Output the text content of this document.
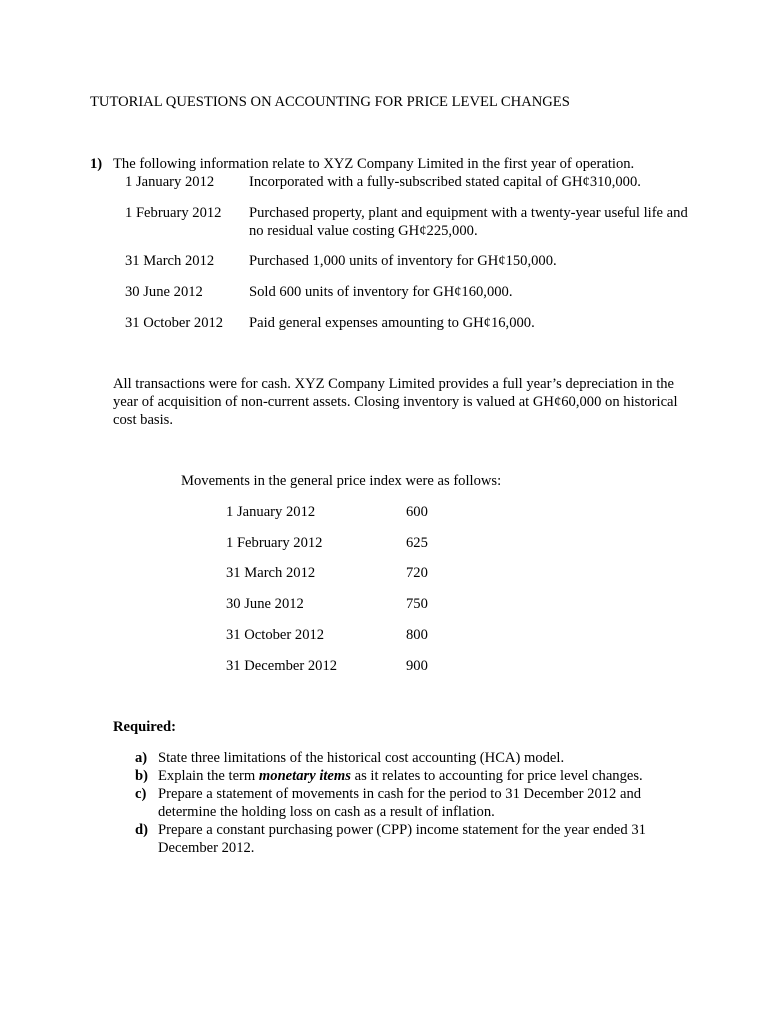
TUTORIAL QUESTIONS ON ACCOUNTING FOR PRICE LEVEL CHANGES
1) The following information relate to XYZ Company Limited in the first year of operation.
1 January 2012 Incorporated with a fully-subscribed stated capital of GH¢310,000.
1 February 2012 Purchased property, plant and equipment with a twenty-year useful life and no residual value costing GH¢225,000.
31 March 2012 Purchased 1,000 units of inventory for GH¢150,000.
30 June 2012	Sold 600 units of inventory for GH¢160,000.
31 October 2012 Paid general expenses amounting to GH¢16,000.
All transactions were for cash. XYZ Company Limited provides a full year’s depreciation in the year of acquisition of non-current assets. Closing inventory is valued at GH¢60,000 on historical cost basis.
Movements in the general price index were as follows:
1 January 2012	600
1 February 2012	625
31 March 2012	720
30 June 2012	750
31 October 2012	800
31 December 2012	900
Required:
a) State three limitations of the historical cost accounting (HCA) model.
b) Explain the term monetary items as it relates to accounting for price level changes.
c) Prepare a statement of movements in cash for the period to 31 December 2012 and determine the holding loss on cash as a result of inflation.
d) Prepare a constant purchasing power (CPP) income statement for the year ended 31 December 2012.
